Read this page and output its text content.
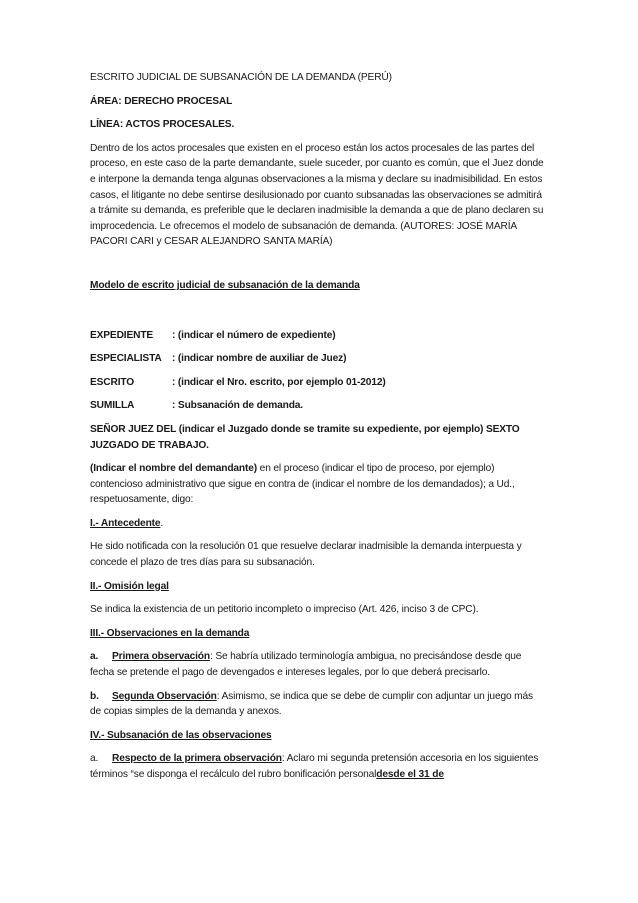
ESCRITO JUDICIAL DE SUBSANACIÓN DE LA DEMANDA (PERÚ)

ÁREA: DERECHO PROCESAL

LÍNEA: ACTOS PROCESALES.

Dentro de los actos procesales que existen en el proceso están los actos procesales de las partes del proceso, en este caso de la parte demandante, suele suceder, por cuanto es común, que el Juez donde e interpone la demanda tenga algunas observaciones a la misma y declare su inadmisibilidad. En estos casos, el litigante no debe sentirse desilusionado por cuanto subsanadas las observaciones se admitirá a trámite su demanda, es preferible que le declaren inadmisible la demanda a que de plano declaren su improcedencia. Le ofrecemos el modelo de subsanación de demanda. (AUTORES: JOSÉ MARÍA PACORI CARI y CESAR ALEJANDRO SANTA MARÍA)

Modelo de escrito judicial de subsanación de la demanda

EXPEDIENTE	: (indicar el número de expediente)
ESPECIALISTA	: (indicar nombre de auxiliar de Juez)
ESCRITO	: (indicar el Nro. escrito, por ejemplo 01-2012)
SUMILLA	: Subsanación de demanda.

SEÑOR JUEZ DEL (indicar el Juzgado donde se tramite su expediente, por ejemplo) SEXTO JUZGADO DE TRABAJO.

(Indicar el nombre del demandante) en el proceso (indicar el tipo de proceso, por ejemplo) contencioso administrativo que sigue en contra de (indicar el nombre de los demandados); a Ud., respetuosamente, digo:

I.- Antecedente.

He sido notificada con la resolución 01 que resuelve declarar inadmisible la demanda interpuesta y concede el plazo de tres días para su subsanación.

II.- Omisión legal

Se indica la existencia de un petitorio incompleto o impreciso (Art. 426, inciso 3 de CPC).

III.- Observaciones en la demanda

a. Primera observación: Se habría utilizado terminología ambigua, no precisándose desde que fecha se pretende el pago de devengados e intereses legales, por lo que deberá precisarlo.

b. Segunda Observación: Asimismo, se indica que se debe de cumplir con adjuntar un juego más de copias simples de la demanda y anexos.

IV.- Subsanación de las observaciones

a. Respecto de la primera observación: Aclaro mi segunda pretensión accesoria en los siguientes términos “se disponga el recálculo del rubro bonificación personaldesde el 31 de
